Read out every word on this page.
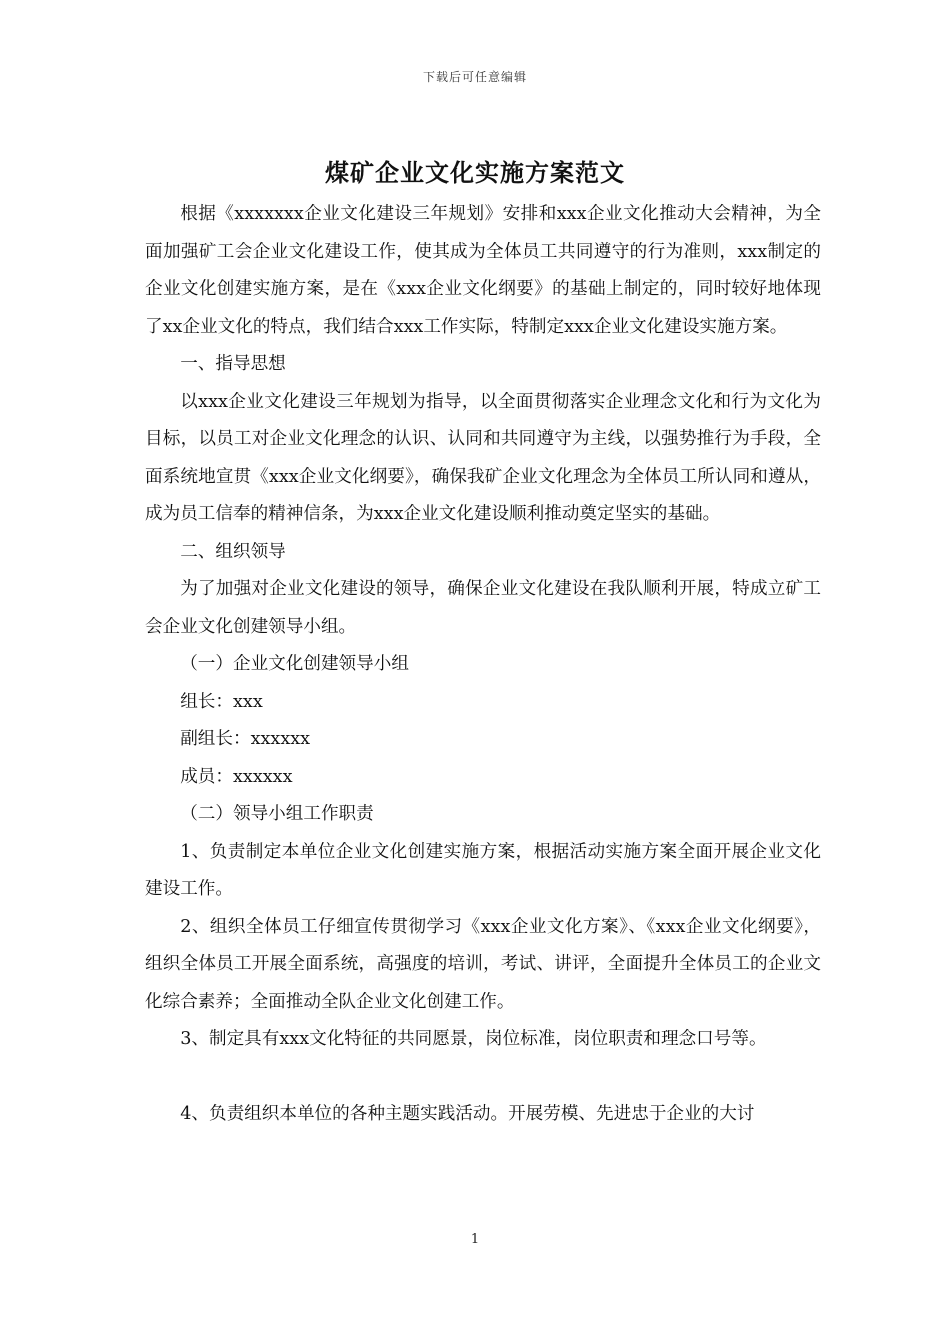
下载后可任意编辑
煤矿企业文化实施方案范文

根据《xxxxxxx企业文化建设三年规划》安排和xxx企业文化推动大会精神，为全面加强矿工会企业文化建设工作，使其成为全体员工共同遵守的行为准则，xxx制定的企业文化创建实施方案，是在《xxx企业文化纲要》的基础上制定的，同时较好地体现了xx企业文化的特点，我们结合xxx工作实际，特制定xxx企业文化建设实施方案。

一、指导思想

以xxx企业文化建设三年规划为指导，以全面贯彻落实企业理念文化和行为文化为目标，以员工对企业文化理念的认识、认同和共同遵守为主线，以强势推行为手段，全面系统地宣贯《xxx企业文化纲要》，确保我矿企业文化理念为全体员工所认同和遵从，成为员工信奉的精神信条，为xxx企业文化建设顺利推动奠定坚实的基础。

二、组织领导

为了加强对企业文化建设的领导，确保企业文化建设在我队顺利开展，特成立矿工会企业文化创建领导小组。

（一）企业文化创建领导小组

组长：xxx

副组长：xxxxxx

成员：xxxxxx

（二）领导小组工作职责

1、负责制定本单位企业文化创建实施方案，根据活动实施方案全面开展企业文化建设工作。

2、组织全体员工仔细宣传贯彻学习《xxx企业文化方案》、《xxx企业文化纲要》，组织全体员工开展全面系统，高强度的培训，考试、讲评，全面提升全体员工的企业文化综合素养；全面推动全队企业文化创建工作。

3、制定具有xxx文化特征的共同愿景，岗位标准，岗位职责和理念口号等。

4、负责组织本单位的各种主题实践活动。开展劳模、先进忠于企业的大讨

1
